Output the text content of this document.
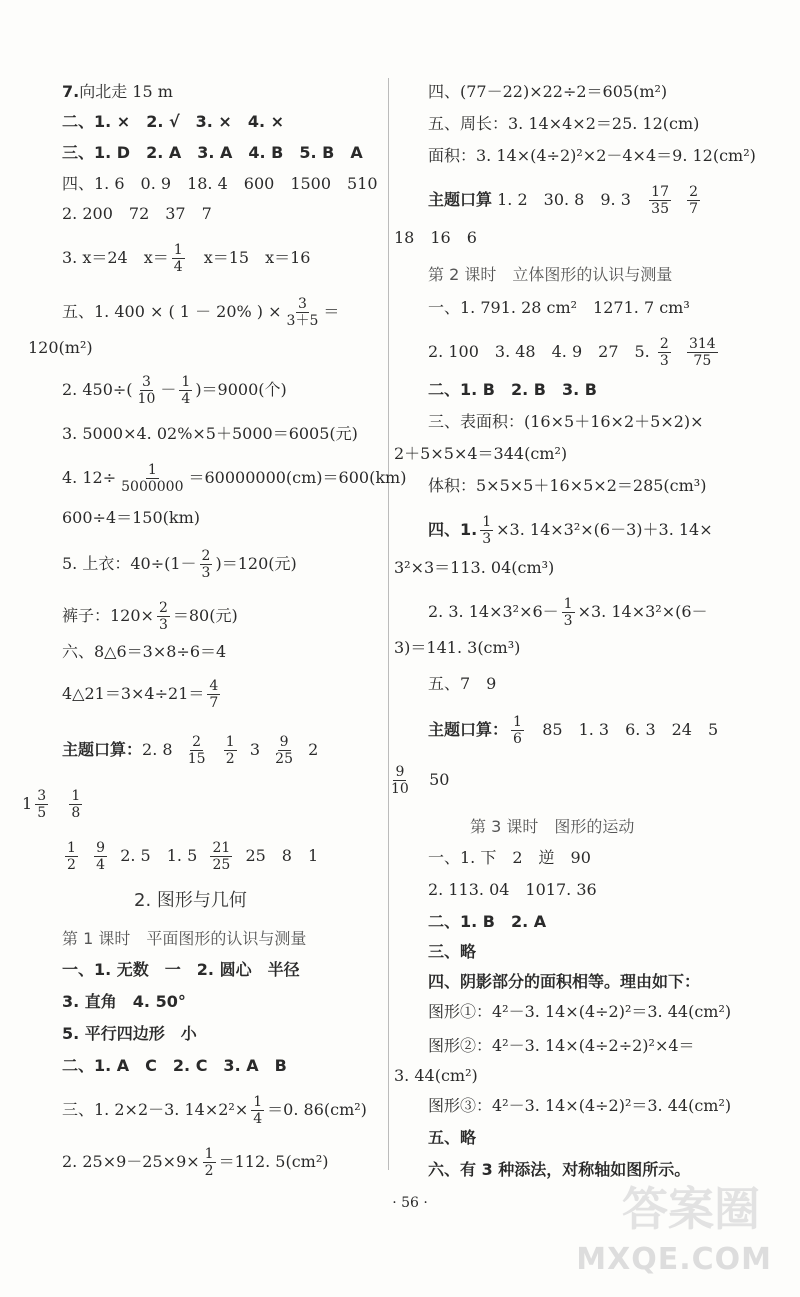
7.向北走 15 m
二、1. ×　2. √　3. ×　4. ×
三、1. D　2. A　3. A　4. B　5. B　A
四、1. 6　0. 9　18. 4　600　1500　510
2. 200　72　37　7
3. x＝24　$x= \frac{1}{4}$ 　x＝15　x＝16
五、1. 400 × ( 1 － 20% ) × $\frac{3}{3+5}$ ＝
120(m²)
2. $450\div( \frac{3}{10} - \frac{1}{4} )=9000$(个)
3. 5000×4. 02%×5＋5000＝6005(元)
4. $12\div \frac{1}{5000000} =60000000(cm)=600(km)$
600÷4＝150(km)
5. 上衣：$40\div(1- \frac{2}{3} )=120$(元)
裤子：$120\times \frac{2}{3} =80$(元)
六、8△6＝3×8÷6＝4
4△21＝3×4÷21＝ $\frac{4}{7}$
主题口算：2. $8 \frac{2}{15}$
$\frac{1}{2} 3 \frac{9}{25} 2$
$1 \frac{3}{5}$
$\frac{1}{8}$
$\frac{1}{2}$
$\frac{9}{4} 2$. 5　1. $5 \frac{21}{25} 25$　8　1
2. 图形与几何
第 1 课时　平面图形的认识与测量
一、1. 无数　一　2. 圆心　半径
3. 直角　4. 50°
5. 平行四边形　小
二、1. A　C　2. C　3. A　B
三、1. 2×2－3. $14\times 2^2\times \frac{1}{4} =0$. 86(cm²)
2. $25\times 9-25\times 9\times \frac{1}{2} =112$. 5(cm²)
四、(77－22)×22÷2＝605(m²)
五、周长：3. 14×4×2＝25. 12(cm)
面积：3. 14×(4÷2)²×2－4×4＝9. 12(cm²)
主题口算 1. 2　30. 8　9. $3 \frac{17}{35}$
$\frac{2}{7}$
18　16　6
第 2 课时　立体图形的认识与测量
一、1. 791. 28 cm²　1271. 7 cm³
2. 100　3. 48　4. 9　27　5. $\frac{2}{3}$
$\frac{314}{75}$
二、1. B　2. B　3. B
三、表面积：(16×5＋16×2＋5×2)×
2＋5×5×4＝344(cm²)
体积：5×5×5＋16×5×2＝285(cm³)
四、1. $\frac{1}{3} \times 3$. 14×3²×(6－3)＋3. 14×
3²×3＝113. 04(cm³)
2. 3. $14\times 3^2\times 6- \frac{1}{3} \times 3$. 14×3²×(6－
3)＝141. 3(cm³)
五、7　9
主题口算： $\frac{1}{6} 85$　1. 3　6. 3　24　5
$\frac{9}{10} 50$
第 3 课时　图形的运动
一、1. 下　2　逆　90
2. 113. 04　1017. 36
二、1. B　2. A
三、略
四、阴影部分的面积相等。理由如下：
图形①：4²－3. 14×(4÷2)²＝3. 44(cm²)
图形②：4²－3. 14×(4÷2÷2)²×4＝
3. 44(cm²)
图形③：4²－3. 14×(4÷2)²＝3. 44(cm²)
五、略
六、有 3 种添法，对称轴如图所示。
· 56 ·	答案圈
MXQE.COM
